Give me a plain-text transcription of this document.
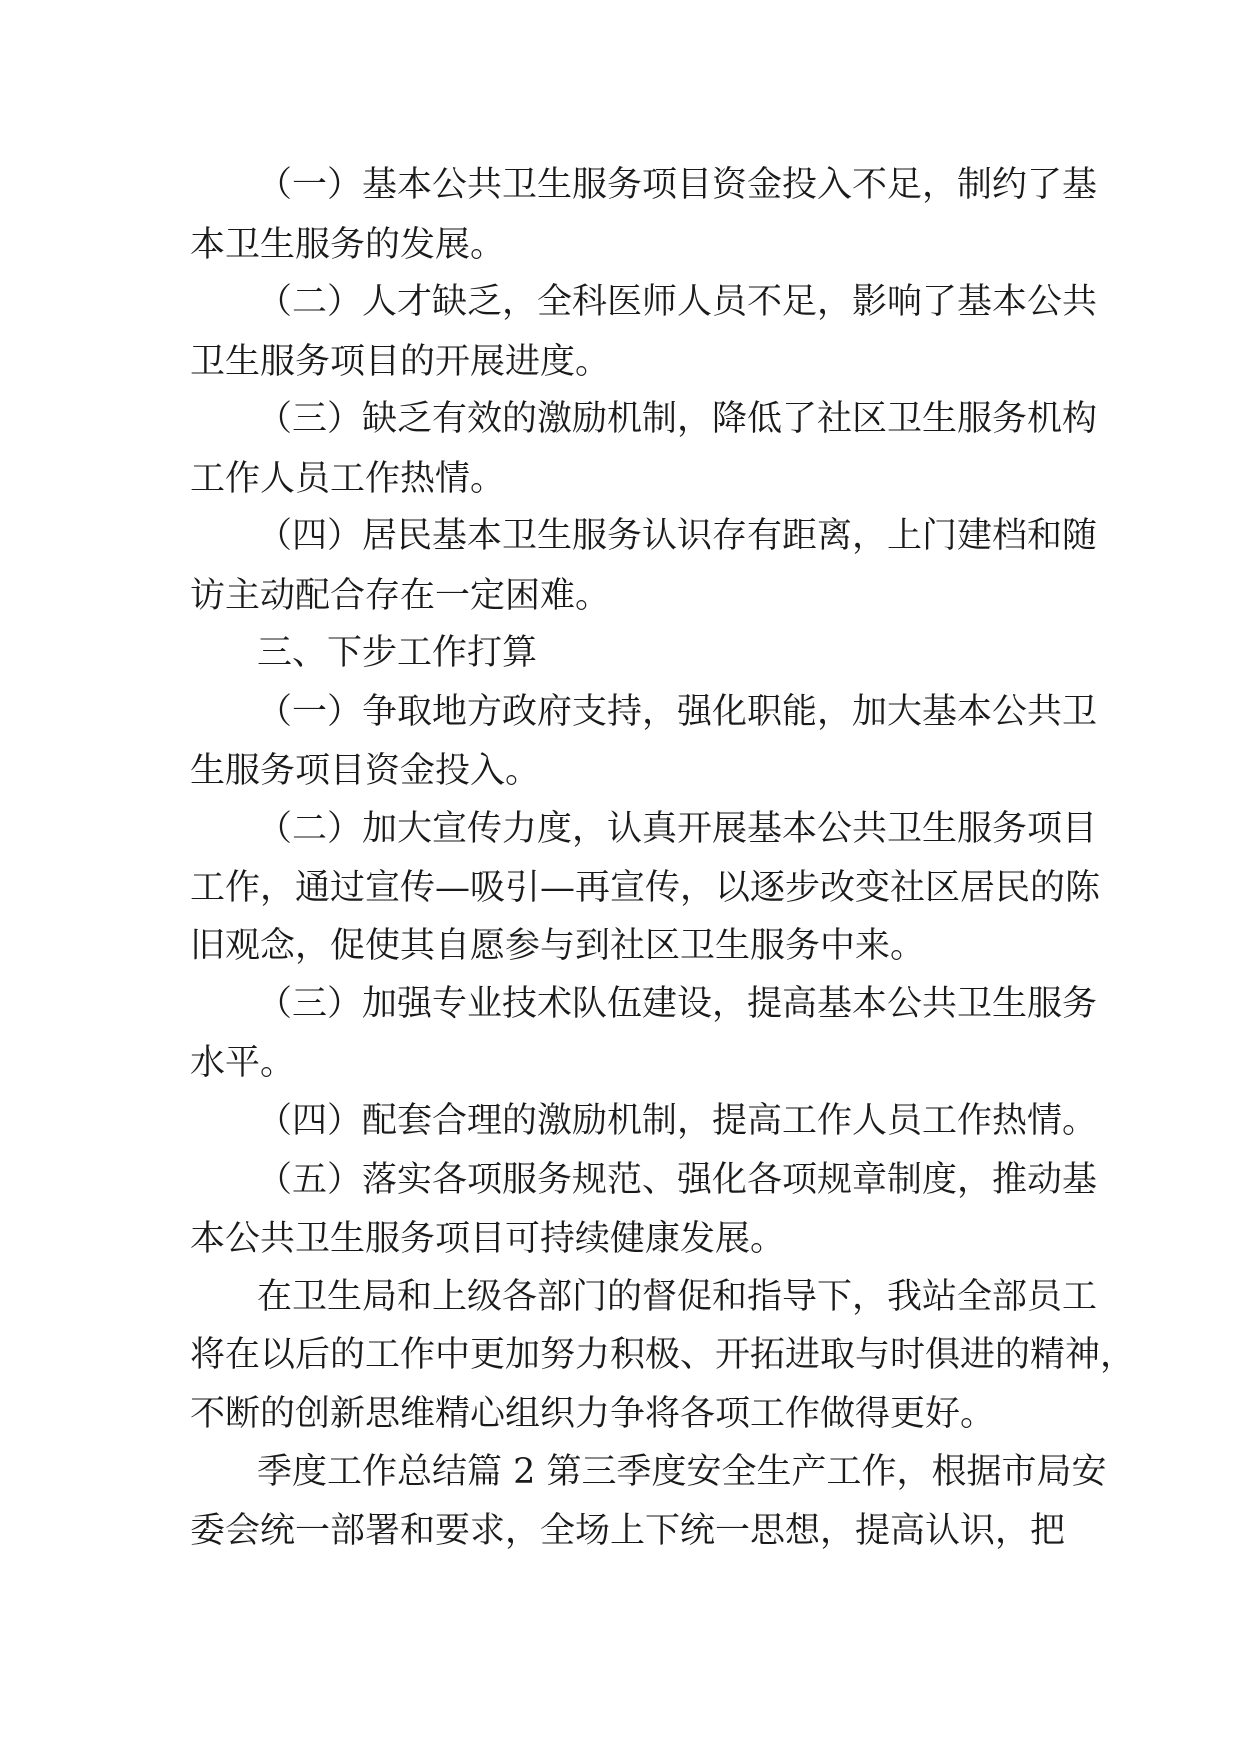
（一）基本公共卫生服务项目资金投入不足，制约了基
本卫生服务的发展。
（二）人才缺乏，全科医师人员不足，影响了基本公共
卫生服务项目的开展进度。
（三）缺乏有效的激励机制，降低了社区卫生服务机构
工作人员工作热情。
（四）居民基本卫生服务认识存有距离，上门建档和随
访主动配合存在一定困难。
三、下步工作打算
（一）争取地方政府支持，强化职能，加大基本公共卫
生服务项目资金投入。
（二）加大宣传力度，认真开展基本公共卫生服务项目
工作，通过宣传—吸引—再宣传，以逐步改变社区居民的陈
旧观念，促使其自愿参与到社区卫生服务中来。
（三）加强专业技术队伍建设，提高基本公共卫生服务
水平。
（四）配套合理的激励机制，提高工作人员工作热情。
（五）落实各项服务规范、强化各项规章制度，推动基
本公共卫生服务项目可持续健康发展。
在卫生局和上级各部门的督促和指导下，我站全部员工
将在以后的工作中更加努力积极、开拓进取与时俱进的精神，
不断的创新思维精心组织力争将各项工作做得更好。
季度工作总结篇 2 第三季度安全生产工作，根据市局安
委会统一部署和要求，全场上下统一思想，提高认识，把
